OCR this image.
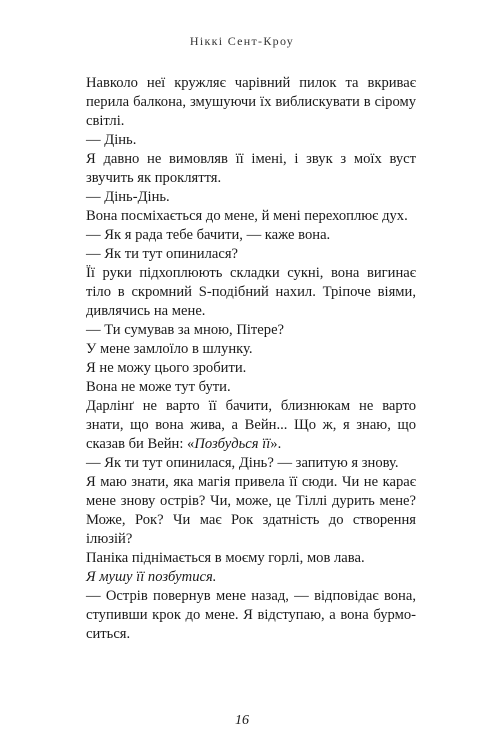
Ніккі Сент-Кроу

Навколо неї кружляє чарівний пилок та вкриває перила балкона, змушуючи їх виблискувати в сірому світлі.

— Дінь.

Я давно не вимовляв її імені, і звук з моїх вуст звучить як прокляття.

— Дінь-Дінь.

Вона посміхається до мене, й мені перехоплює дух.

— Як я рада тебе бачити, — каже вона.

— Як ти тут опинилася?

Її руки підхоплюють складки сукні, вона вигинає тіло в скромний S-подібний нахил. Тріпоче віями, дивлячись на мене.

— Ти сумував за мною, Пітере?

У мене замлоїло в шлунку.

Я не можу цього зробити.

Вона не може тут бути.

Дарлінґ не варто її бачити, близнюкам не варто знати, що вона жива, а Вейн... Що ж, я знаю, що сказав би Вейн: «Позбудься її».

— Як ти тут опинилася, Дінь? — запитую я знову.

Я маю знати, яка магія привела її сюди. Чи не карає мене знову острів? Чи, може, це Тіллі дурить мене? Може, Рок? Чи має Рок здатність до створення ілюзій?

Паніка піднімається в моєму горлі, мов лава.

Я мушу її позбутися.

— Острів повернув мене назад, — відповідає вона, ступивши крок до мене. Я відступаю, а вона бурмоситься.

16
